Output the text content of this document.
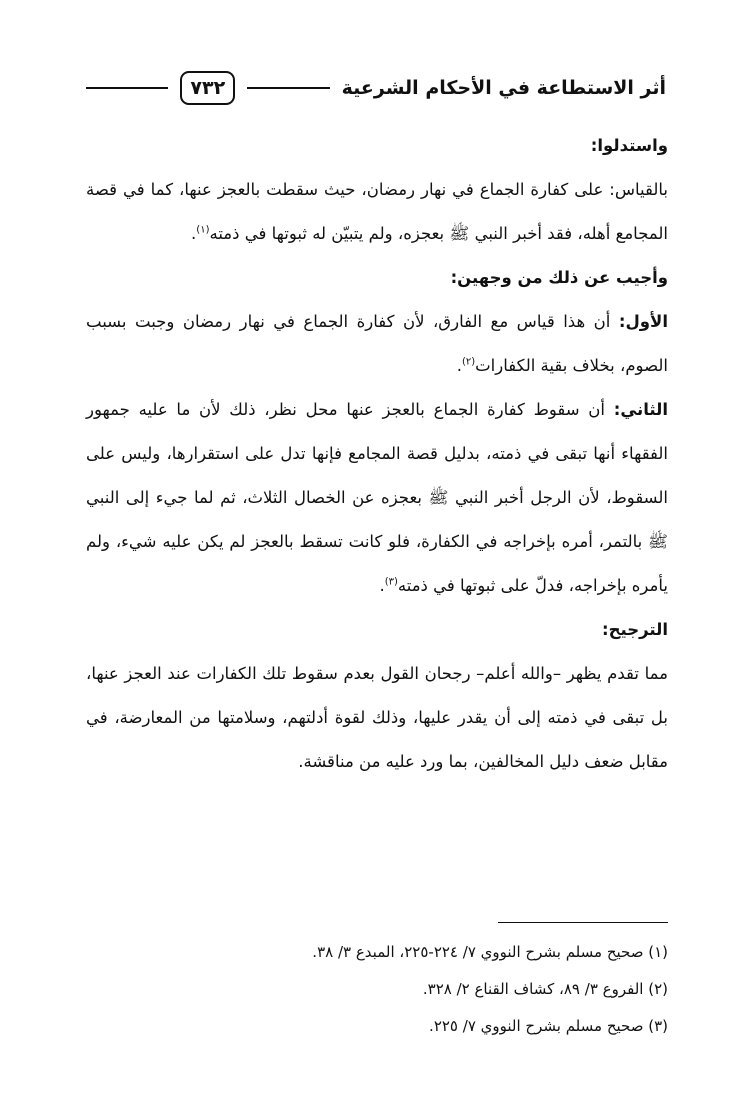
أثر الاستطاعة في الأحكام الشرعية
٧٣٢

واستدلوا:

بالقياس: على كفارة الجماع في نهار رمضان، حيث سقطت بالعجز عنها، كما في قصة المجامع أهله، فقد أخبر النبي ﷺ بعجزه، ولم يتبيّن له ثبوتها في ذمته$^{(١)}$.

وأجيب عن ذلك من وجهين:

الأول: أن هذا قياس مع الفارق، لأن كفارة الجماع في نهار رمضان وجبت بسبب الصوم، بخلاف بقية الكفارات$^{(٢)}$.

الثاني: أن سقوط كفارة الجماع بالعجز عنها محل نظر، ذلك لأن ما عليه جمهور الفقهاء أنها تبقى في ذمته، بدليل قصة المجامع فإنها تدل على استقرارها، وليس على السقوط، لأن الرجل أخبر النبي ﷺ بعجزه عن الخصال الثلاث، ثم لما جيء إلى النبي ﷺ بالتمر، أمره بإخراجه في الكفارة، فلو كانت تسقط بالعجز لم يكن عليه شيء، ولم يأمره بإخراجه، فدلّ على ثبوتها في ذمته$^{(٣)}$.

الترجيح:

مما تقدم يظهر –والله أعلم– رجحان القول بعدم سقوط تلك الكفارات عند العجز عنها، بل تبقى في ذمته إلى أن يقدر عليها، وذلك لقوة أدلتهم، وسلامتها من المعارضة، في مقابل ضعف دليل المخالفين، بما ورد عليه من مناقشة.

(١) صحيح مسلم بشرح النووي ٧/ ٢٢٤-٢٢٥، المبدع ٣/ ٣٨.

(٢) الفروع ٣/ ٨٩، كشاف القناع ٢/ ٣٢٨.

(٣) صحيح مسلم بشرح النووي ٧/ ٢٢٥.
